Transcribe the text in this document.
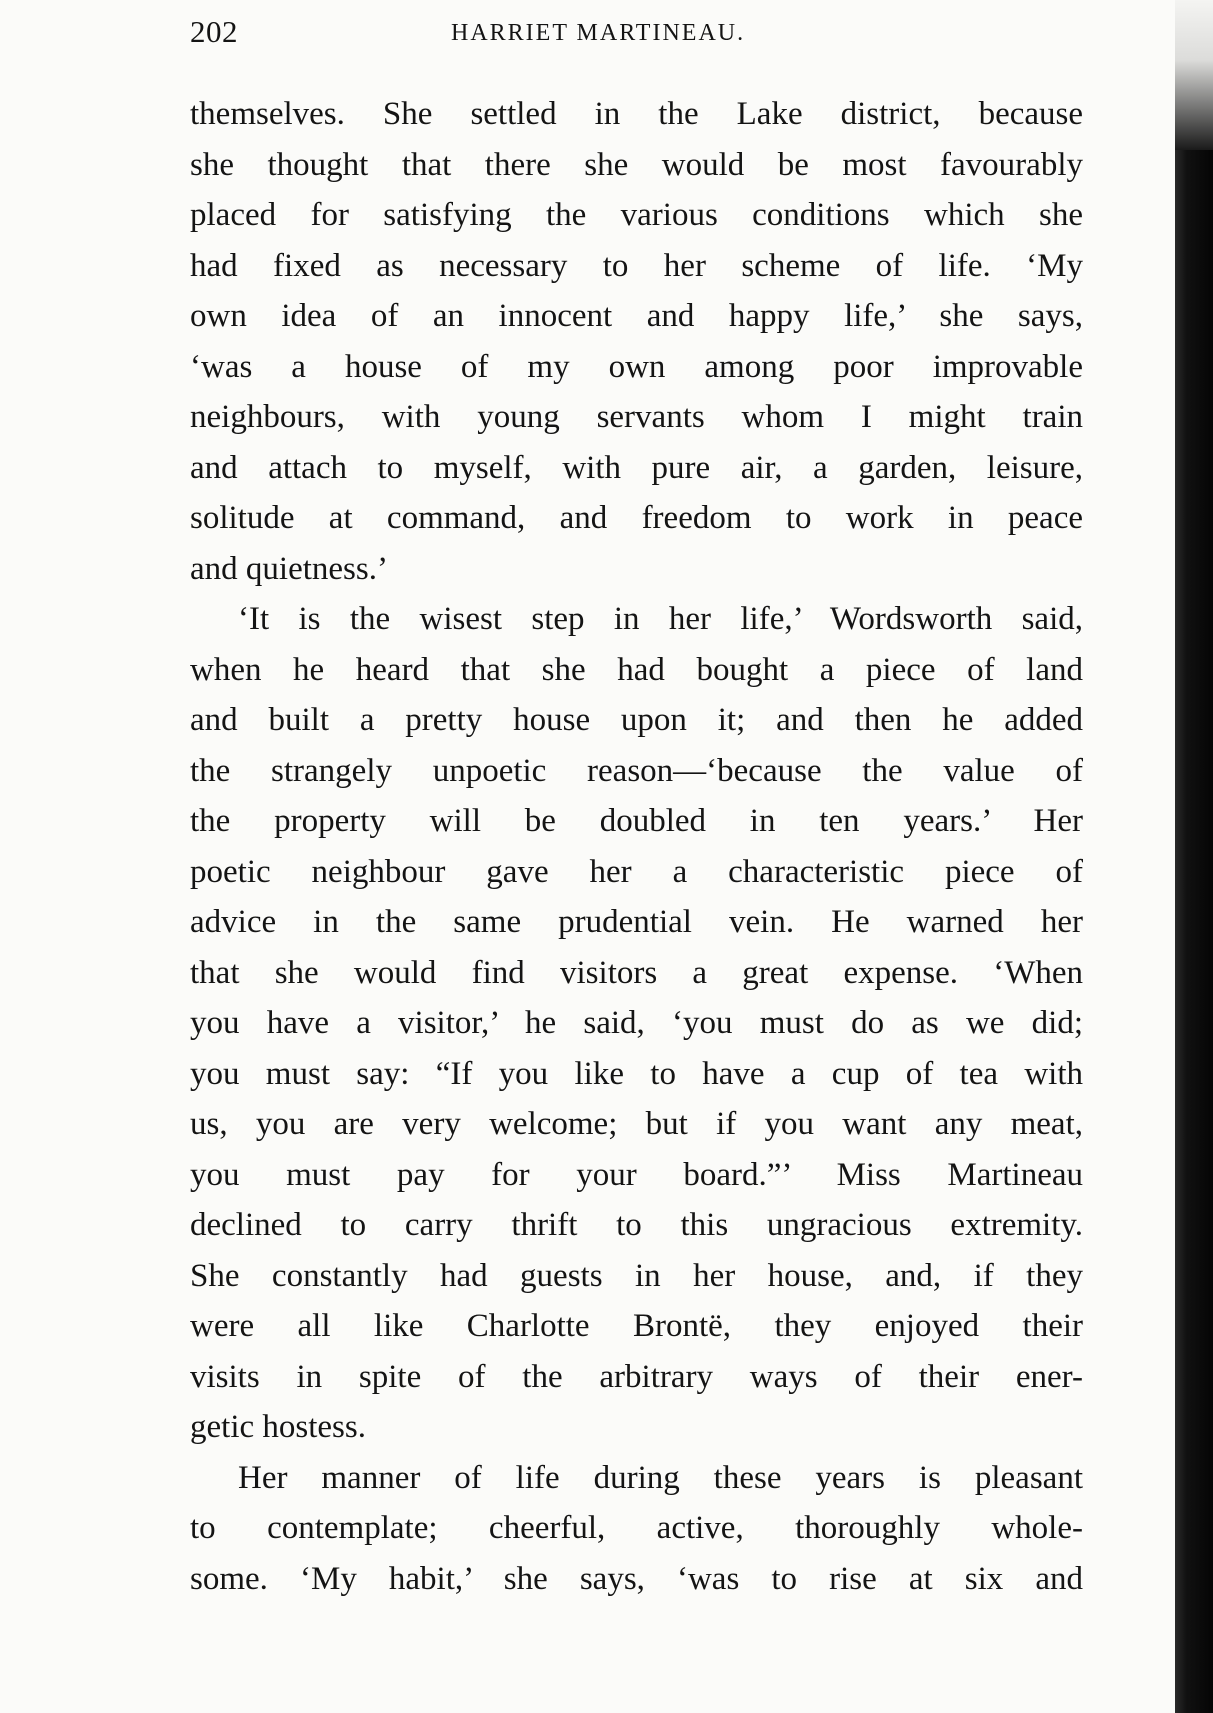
202	HARRIET MARTINEAU.
themselves. She settled in the Lake district, because
she thought that there she would be most favourably
placed for satisfying the various conditions which she
had fixed as necessary to her scheme of life. ‘My
own idea of an innocent and happy life,’ she says,
‘was a house of my own among poor improvable
neighbours, with young servants whom I might train
and attach to myself, with pure air, a garden, leisure,
solitude at command, and freedom to work in peace
and quietness.’
‘It is the wisest step in her life,’ Wordsworth said,
when he heard that she had bought a piece of land
and built a pretty house upon it; and then he added
the strangely unpoetic reason—‘because the value of
the property will be doubled in ten years.’ Her
poetic neighbour gave her a characteristic piece of
advice in the same prudential vein. He warned her
that she would find visitors a great expense. ‘When
you have a visitor,’ he said, ‘you must do as we did;
you must say: “If you like to have a cup of tea with
us, you are very welcome; but if you want any meat,
you must pay for your board.”’ Miss Martineau
declined to carry thrift to this ungracious extremity.
She constantly had guests in her house, and, if they
were all like Charlotte Brontë, they enjoyed their
visits in spite of the arbitrary ways of their ener-
getic hostess.
Her manner of life during these years is pleasant
to contemplate; cheerful, active, thoroughly whole-
some. ‘My habit,’ she says, ‘was to rise at six and
